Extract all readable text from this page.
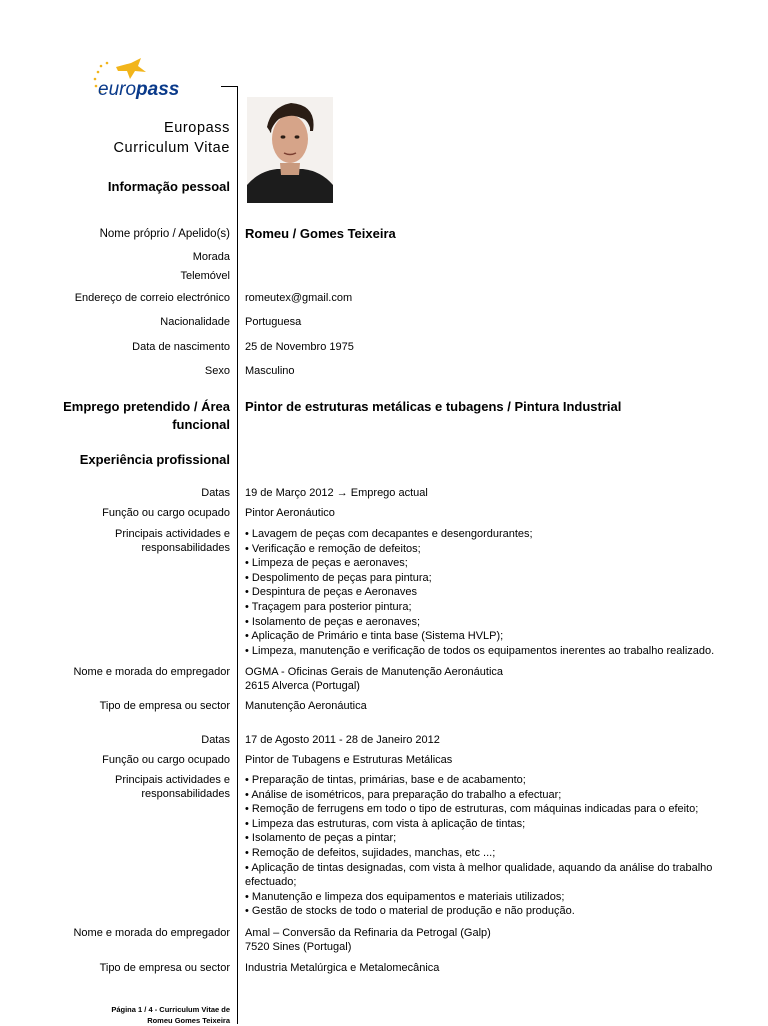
europass
Europass
Curriculum Vitae
Informação pessoal
Nome próprio / Apelido(s) Romeu / Gomes Teixeira
Morada
Telemóvel
Endereço de correio electrónico romeutex@gmail.com
Nacionalidade Portuguesa
Data de nascimento 25 de Novembro 1975
Sexo Masculino
Emprego pretendido / Área
funcional
Pintor de estruturas metálicas e tubagens / Pintura Industrial
Experiência profissional
Datas 19 de Março 2012 → Emprego actual
Função ou cargo ocupado Pintor Aeronáutico
Principais actividades e
responsabilidades
• Lavagem de peças com decapantes e desengordurantes;
• Verificação e remoção de defeitos;
• Limpeza de peças e aeronaves;
• Despolimento de peças para pintura;
• Despintura de peças e Aeronaves
• Traçagem para posterior pintura;
• Isolamento de peças e aeronaves;
• Aplicação de Primário e tinta base (Sistema HVLP);
• Limpeza, manutenção e verificação de todos os equipamentos inerentes ao trabalho realizado.
Nome e morada do empregador OGMA - Oficinas Gerais de Manutenção Aeronáutica
2615 Alverca (Portugal)
Tipo de empresa ou sector Manutenção Aeronáutica
Datas 17 de Agosto 2011 - 28 de Janeiro 2012
Função ou cargo ocupado Pintor de Tubagens e Estruturas Metálicas
Principais actividades e
responsabilidades
• Preparação de tintas, primárias, base e de acabamento;
• Análise de isométricos, para preparação do trabalho a efectuar;
• Remoção de ferrugens em todo o tipo de estruturas, com máquinas indicadas para o efeito;
• Limpeza das estruturas, com vista à aplicação de tintas;
• Isolamento de peças a pintar;
• Remoção de defeitos, sujidades, manchas, etc ...;
• Aplicação de tintas designadas, com vista à melhor qualidade, aquando da análise do trabalho efectuado;
• Manutenção e limpeza dos equipamentos e materiais utilizados;
• Gestão de stocks de todo o material de produção e não produção.
Nome e morada do empregador Amal – Conversão da Refinaria da Petrogal (Galp)
7520 Sines (Portugal)
Tipo de empresa ou sector Industria Metalúrgica e Metalomecânica
Página 1 / 4 - Curriculum Vitae de
Romeu Gomes Teixeira
